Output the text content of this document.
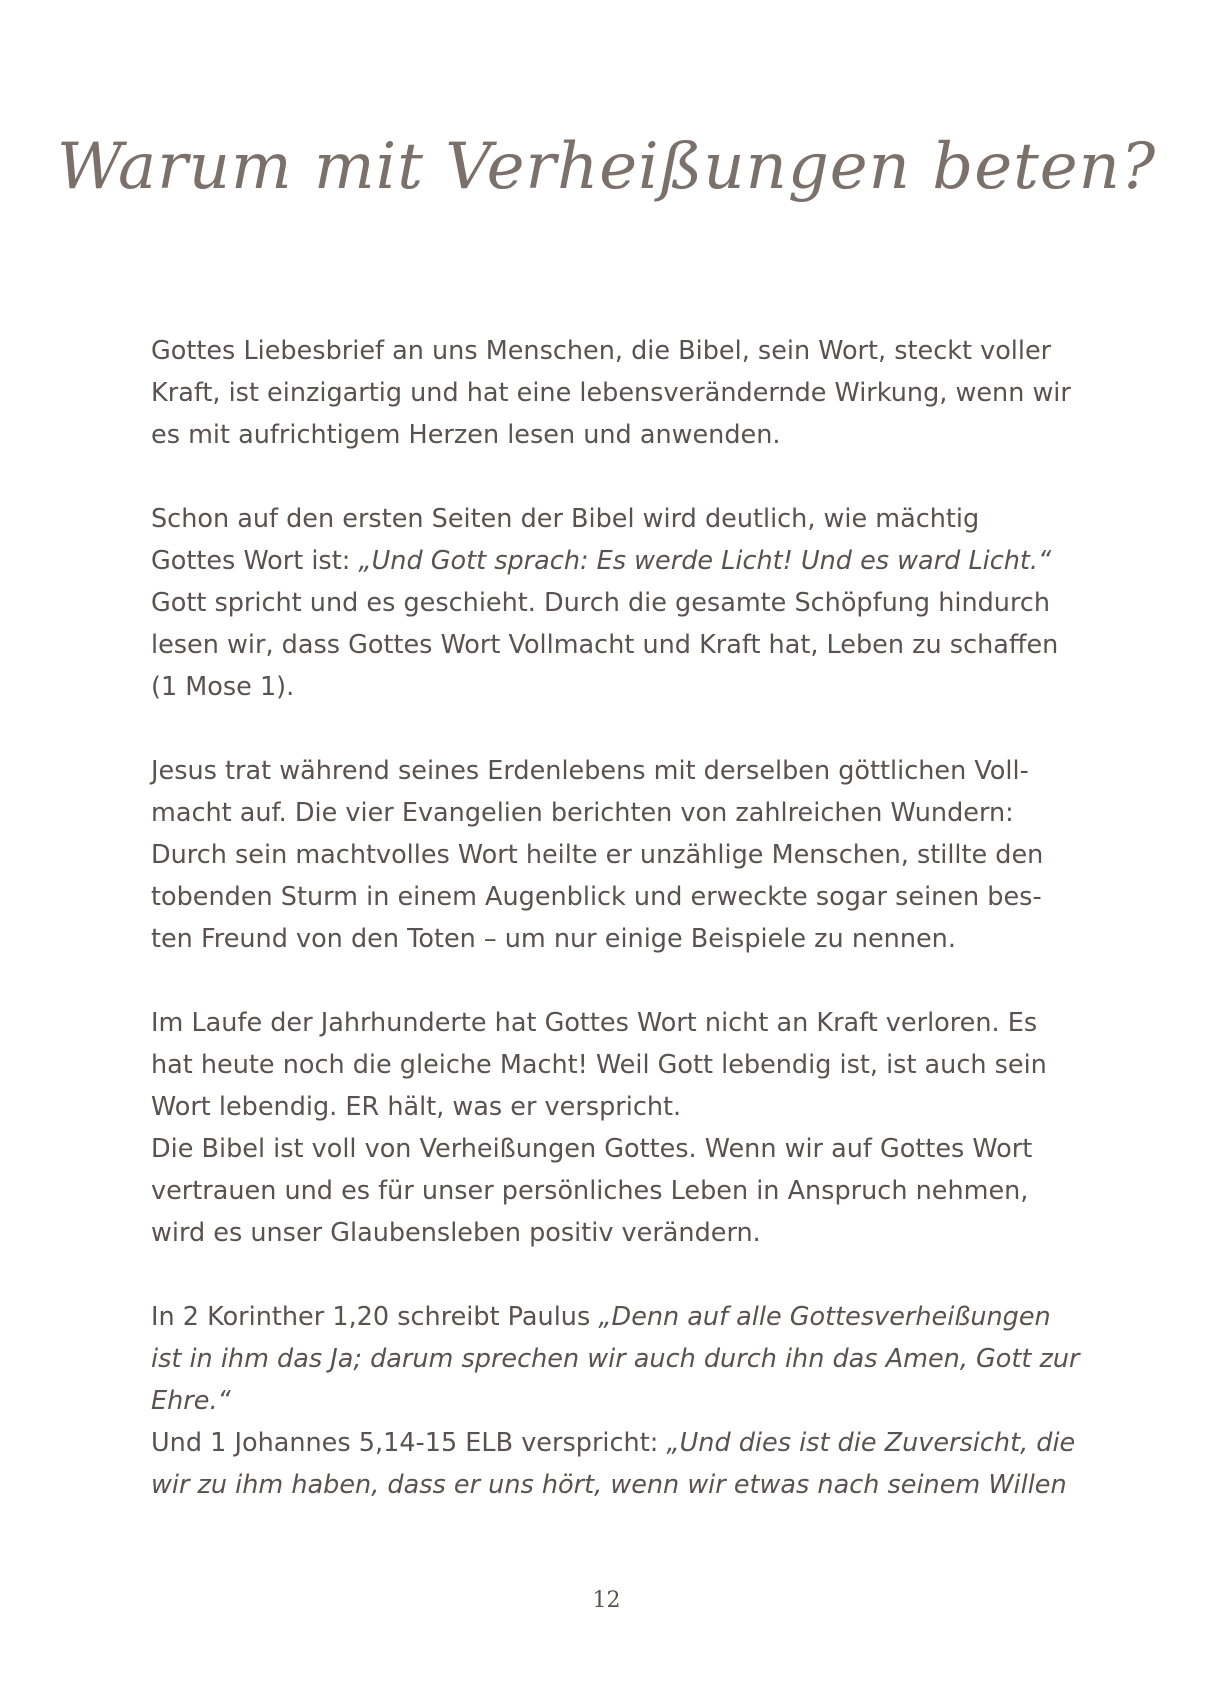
Warum mit Verheißungen beten?

Gottes Liebesbrief an uns Menschen, die Bibel, sein Wort, steckt voller
Kraft, ist einzigartig und hat eine lebensverändernde Wirkung, wenn wir
es mit aufrichtigem Herzen lesen und anwenden.

Schon auf den ersten Seiten der Bibel wird deutlich, wie mächtig
Gottes Wort ist: „Und Gott sprach: Es werde Licht! Und es ward Licht.“
Gott spricht und es geschieht. Durch die gesamte Schöpfung hindurch
lesen wir, dass Gottes Wort Vollmacht und Kraft hat, Leben zu schaffen
(1 Mose 1).

Jesus trat während seines Erdenlebens mit derselben göttlichen Voll-
macht auf. Die vier Evangelien berichten von zahlreichen Wundern:
Durch sein machtvolles Wort heilte er unzählige Menschen, stillte den
tobenden Sturm in einem Augenblick und erweckte sogar seinen bes-
ten Freund von den Toten – um nur einige Beispiele zu nennen.

Im Laufe der Jahrhunderte hat Gottes Wort nicht an Kraft verloren. Es
hat heute noch die gleiche Macht! Weil Gott lebendig ist, ist auch sein
Wort lebendig. ER hält, was er verspricht.
Die Bibel ist voll von Verheißungen Gottes. Wenn wir auf Gottes Wort
vertrauen und es für unser persönliches Leben in Anspruch nehmen,
wird es unser Glaubensleben positiv verändern.

In 2 Korinther 1,20 schreibt Paulus „Denn auf alle Gottesverheißungen
ist in ihm das Ja; darum sprechen wir auch durch ihn das Amen, Gott zur
Ehre.“
Und 1 Johannes 5,14-15 ELB verspricht: „Und dies ist die Zuversicht, die
wir zu ihm haben, dass er uns hört, wenn wir etwas nach seinem Willen

12
